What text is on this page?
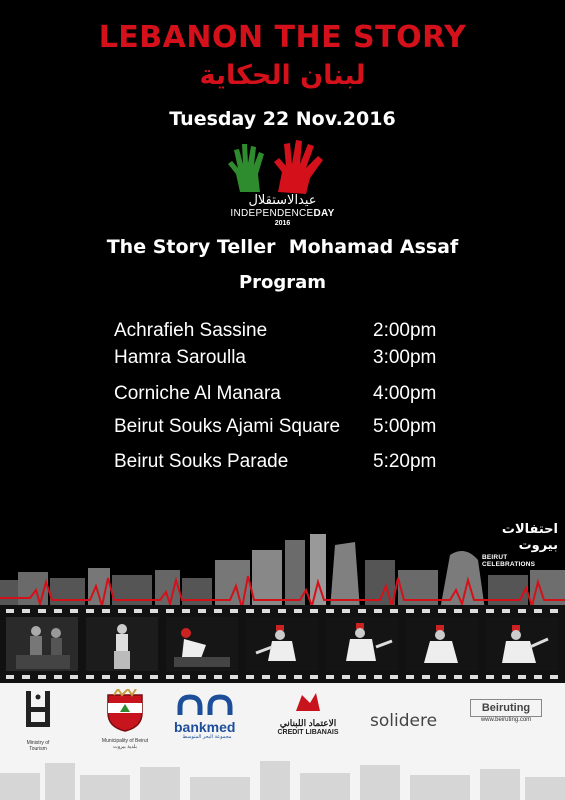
LEBANON THE STORY
لبنان الحكاية
Tuesday 22 Nov.2016
عيدالاستقلال
INDEPENDENCEDAY
2016
The Story Teller  Mohamad Assaf
Program
Achrafieh Sassine	2:00pm
Hamra Saroulla	3:00pm
Corniche Al Manara	4:00pm
Beirut Souks Ajami Square 5:00pm
Beirut Souks Parade	5:20pm
احتفالات بيروت
BEIRUT CELEBRATIONS
Ministry of Tourism
Municipality of Beirut
بلدية بيروت
bankmed
مجموعة البحر المتوسط
الاعتماد اللبناني
CREDIT LIBANAIS
solidere
Beiruting
www.beiruting.com
